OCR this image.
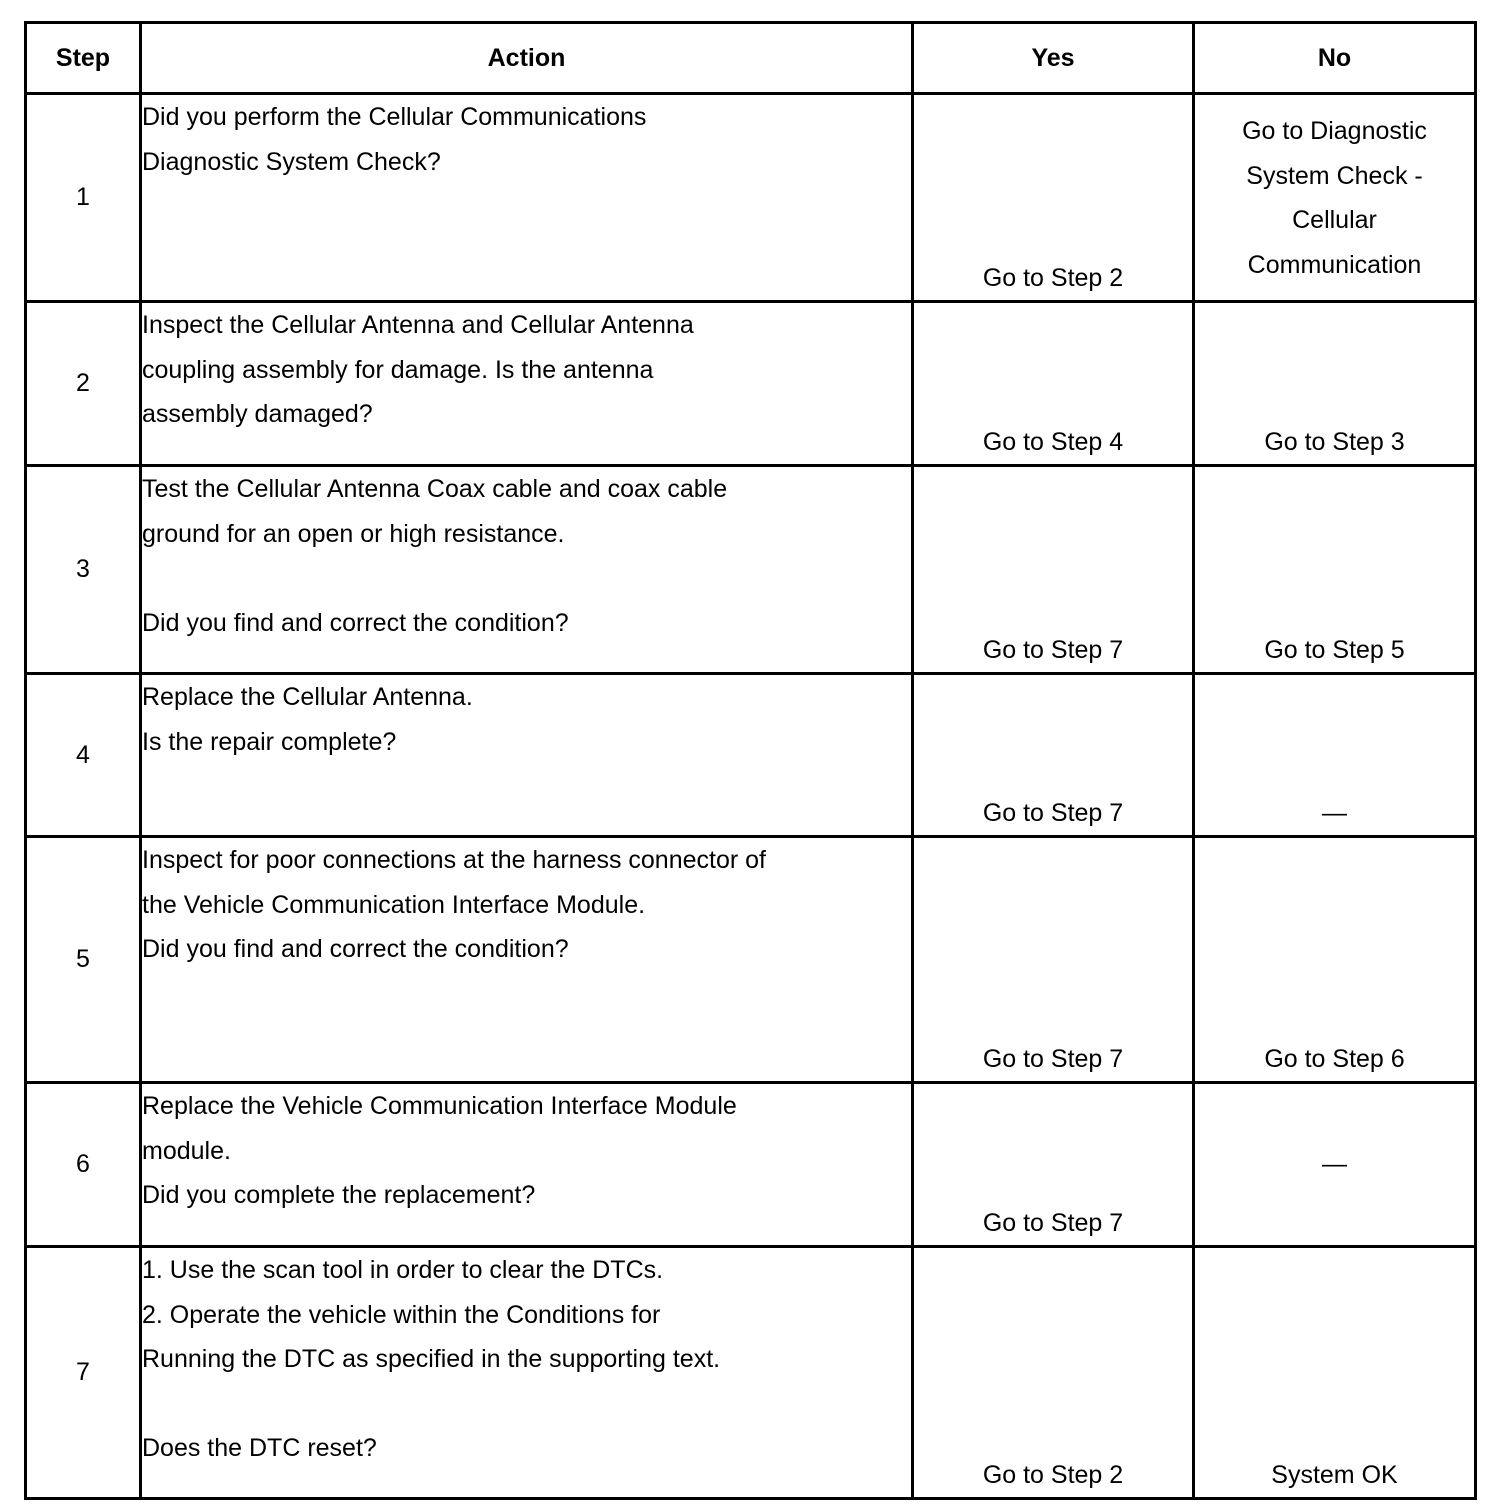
Step	Action	Yes	No
1	Did you perform the Cellular Communications
Diagnostic System Check?	Go to Step 2	Go to Diagnostic
System Check -
Cellular
Communication

2	Inspect the Cellular Antenna and Cellular Antenna
coupling assembly for damage. Is the antenna
assembly damaged?	Go to Step 4	Go to Step 3
3	Test the Cellular Antenna Coax cable and coax cable
ground for an open or high resistance.
Did you find and correct the condition?	Go to Step 7	Go to Step 5
4	Replace the Cellular Antenna.
Is the repair complete?	Go to Step 7	—
5	Inspect for poor connections at the harness connector of
the Vehicle Communication Interface Module.
Did you find and correct the condition?	Go to Step 7	Go to Step 6
6	Replace the Vehicle Communication Interface Module
module.
Did you complete the replacement?	Go to Step 7	—
7	1. Use the scan tool in order to clear the DTCs.
2. Operate the vehicle within the Conditions for
Running the DTC as specified in the supporting text.
Does the DTC reset?	Go to Step 2	System OK
